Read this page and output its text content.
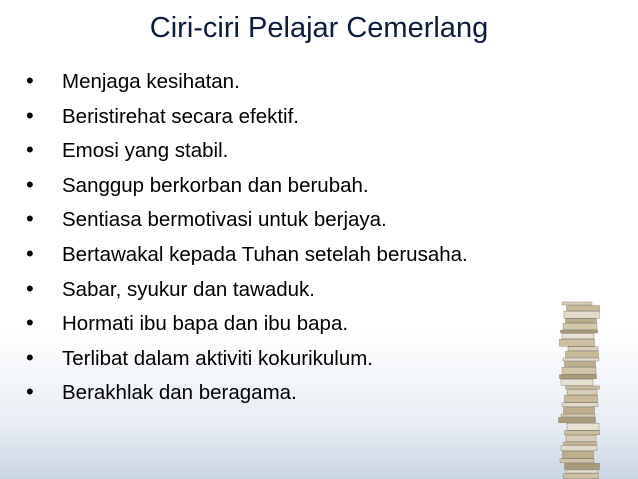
Ciri-ciri Pelajar Cemerlang
• Menjaga kesihatan.
• Beristirehat secara efektif.
• Emosi yang stabil.
• Sanggup berkorban dan berubah.
• Sentiasa bermotivasi untuk berjaya.
• Bertawakal kepada Tuhan setelah berusaha.
• Sabar, syukur dan tawaduk.
• Hormati ibu bapa dan ibu bapa.
• Terlibat dalam aktiviti kokurikulum.
• Berakhlak dan beragama.
